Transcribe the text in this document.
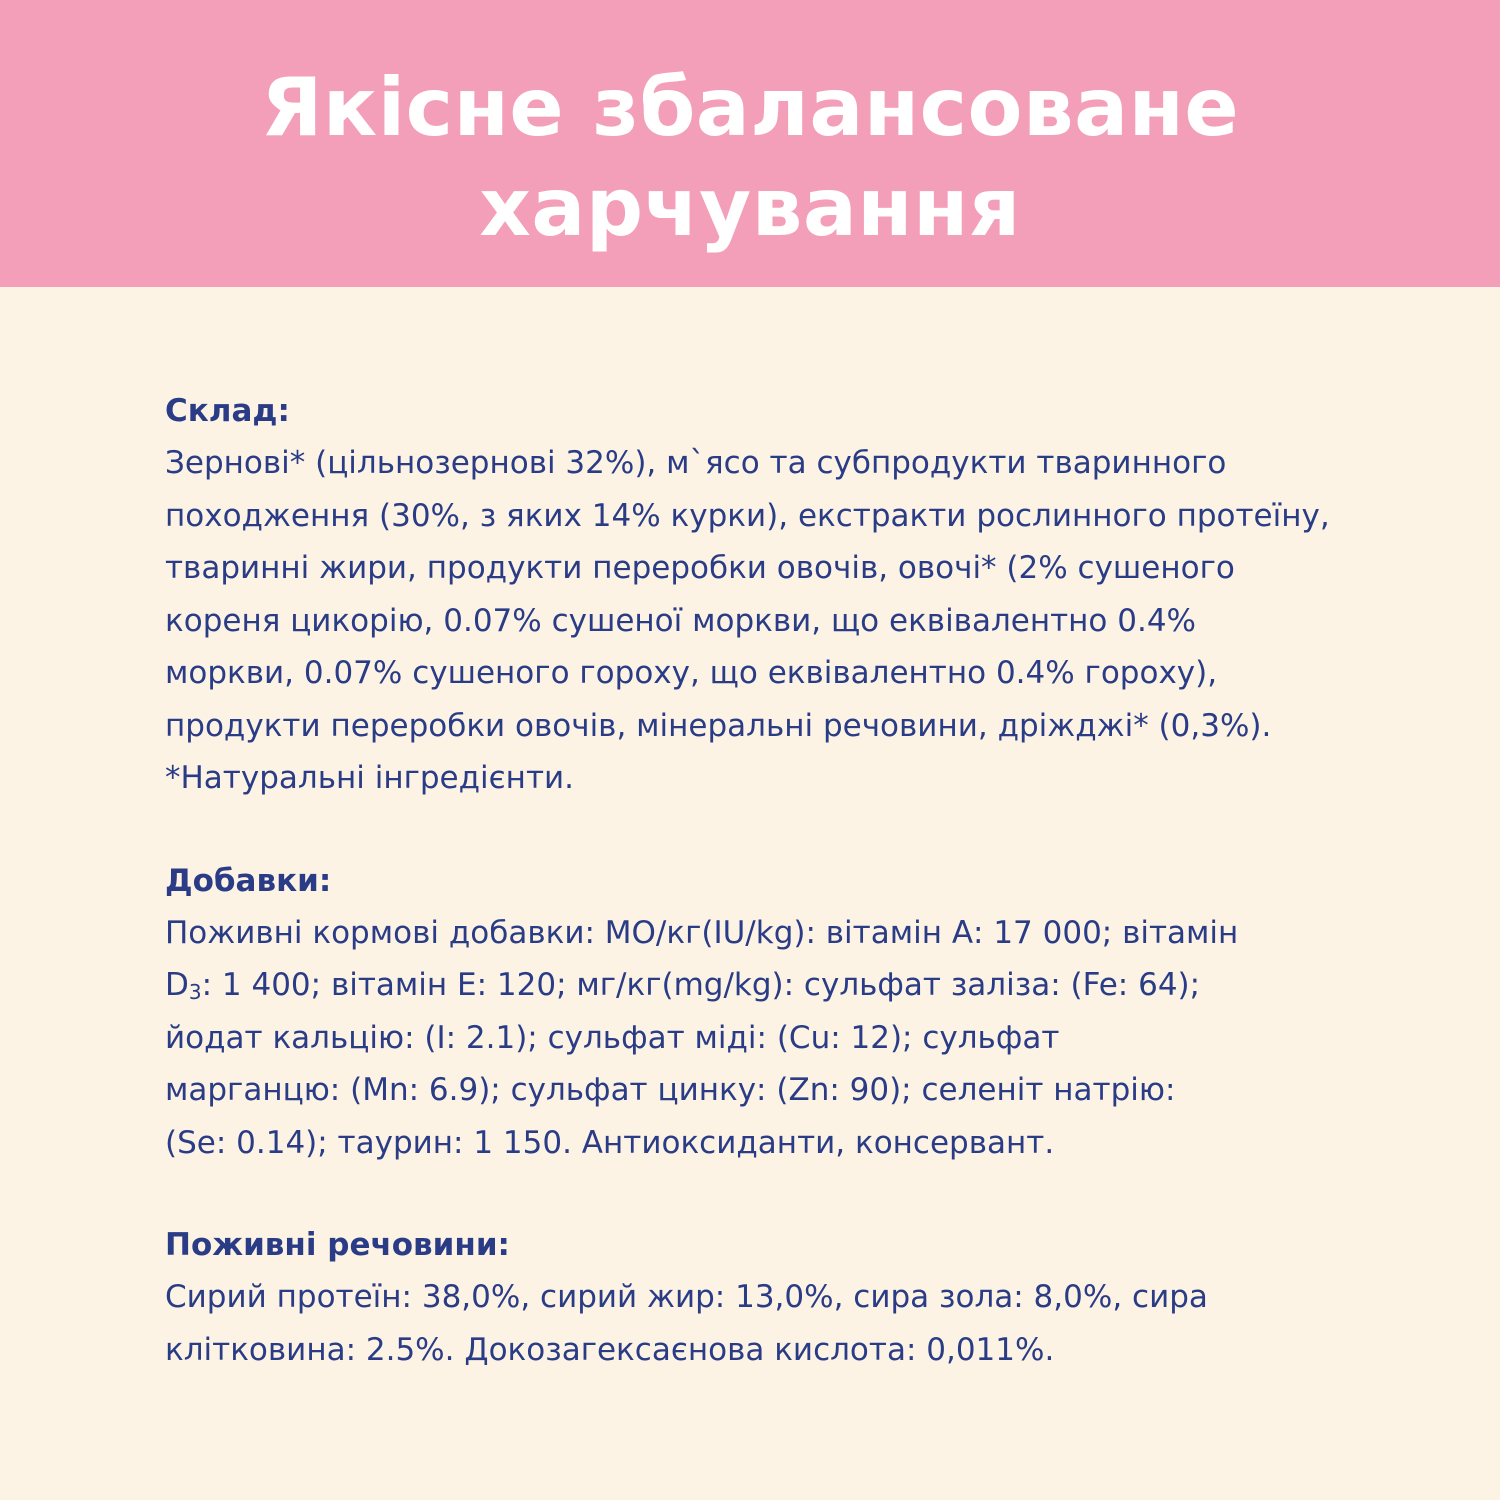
Якісне збалансоване
харчування

Склад:

Зернові* (цільнозернові 32%), м`ясо та субпродукти тваринного

походження (30%, з яких 14% курки), екстракти рослинного протеїну,

тваринні жири, продукти переробки овочів, овочі* (2% сушеного

кореня цикорію, 0.07% сушеної моркви, що еквівалентно 0.4%

моркви, 0.07% сушеного гороху, що еквівалентно 0.4% гороху),

продукти переробки овочів, мінеральні речовини, дріжджі* (0,3%).

*Натуральні інгредієнти.

Добавки:

Поживні кормові добавки: МО/кг(IU/kg): вітамін А: 17 000; вітамін

$D_3$: 1 400; вітамін Е: 120; мг/кг(mg/kg): сульфат заліза: (Fe: 64);

йодат кальцію: (I: 2.1); сульфат міді: (Cu: 12); сульфат

марганцю: (Mn: 6.9); сульфат цинку: (Zn: 90); селеніт натрію:

(Se: 0.14); таурин: 1 150. Антиоксиданти, консервант.

Поживні речовини:

Сирий протеїн: 38,0%, сирий жир: 13,0%, сира зола: 8,0%, сира

клітковина: 2.5%. Докозагексаєнова кислота: 0,011%.
